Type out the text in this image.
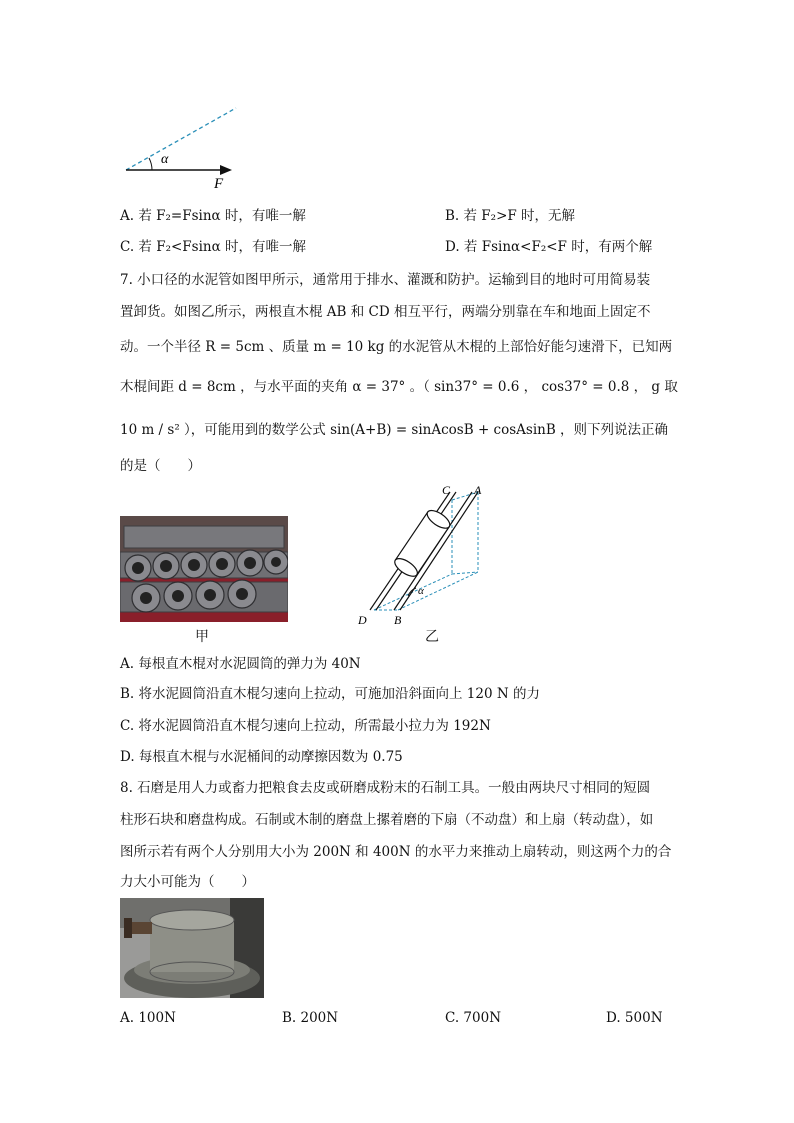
α
F
A. 若 F₂=Fsinα 时，有唯一解	B. 若 F₂>F 时，无解
C. 若 F₂<Fsinα 时，有唯一解	D. 若 Fsinα<F₂<F 时，有两个解
7. 小口径的水泥管如图甲所示，通常用于排水、灌溉和防护。运输到目的地时可用简易装
置卸货。如图乙所示，两根直木棍 AB 和 CD 相互平行，两端分别靠在车和地面上固定不
动。一个半径 R = 5cm 、质量 m = 10 kg 的水泥管从木棍的上部恰好能匀速滑下，已知两
木棍间距 d = 8cm ，与水平面的夹角 α = 37° 。（ sin37° = 0.6 ， cos37° = 0.8 ， g 取
10 m / s² ），可能用到的数学公式 sin(A+B) = sinAcosB + cosAsinB ，则下列说法正确
的是（　　）
甲
C A
D B
α
乙
A. 每根直木棍对水泥圆筒的弹力为 40N
B. 将水泥圆筒沿直木棍匀速向上拉动，可施加沿斜面向上 120 N 的力
C. 将水泥圆筒沿直木棍匀速向上拉动，所需最小拉力为 192N
D. 每根直木棍与水泥桶间的动摩擦因数为 0.75
8. 石磨是用人力或畜力把粮食去皮或研磨成粉末的石制工具。一般由两块尺寸相同的短圆
柱形石块和磨盘构成。石制或木制的磨盘上摞着磨的下扇（不动盘）和上扇（转动盘），如
图所示若有两个人分别用大小为 200N 和 400N 的水平力来推动上扇转动，则这两个力的合
力大小可能为（　　）
A. 100N	B. 200N	C. 700N	D. 500N
